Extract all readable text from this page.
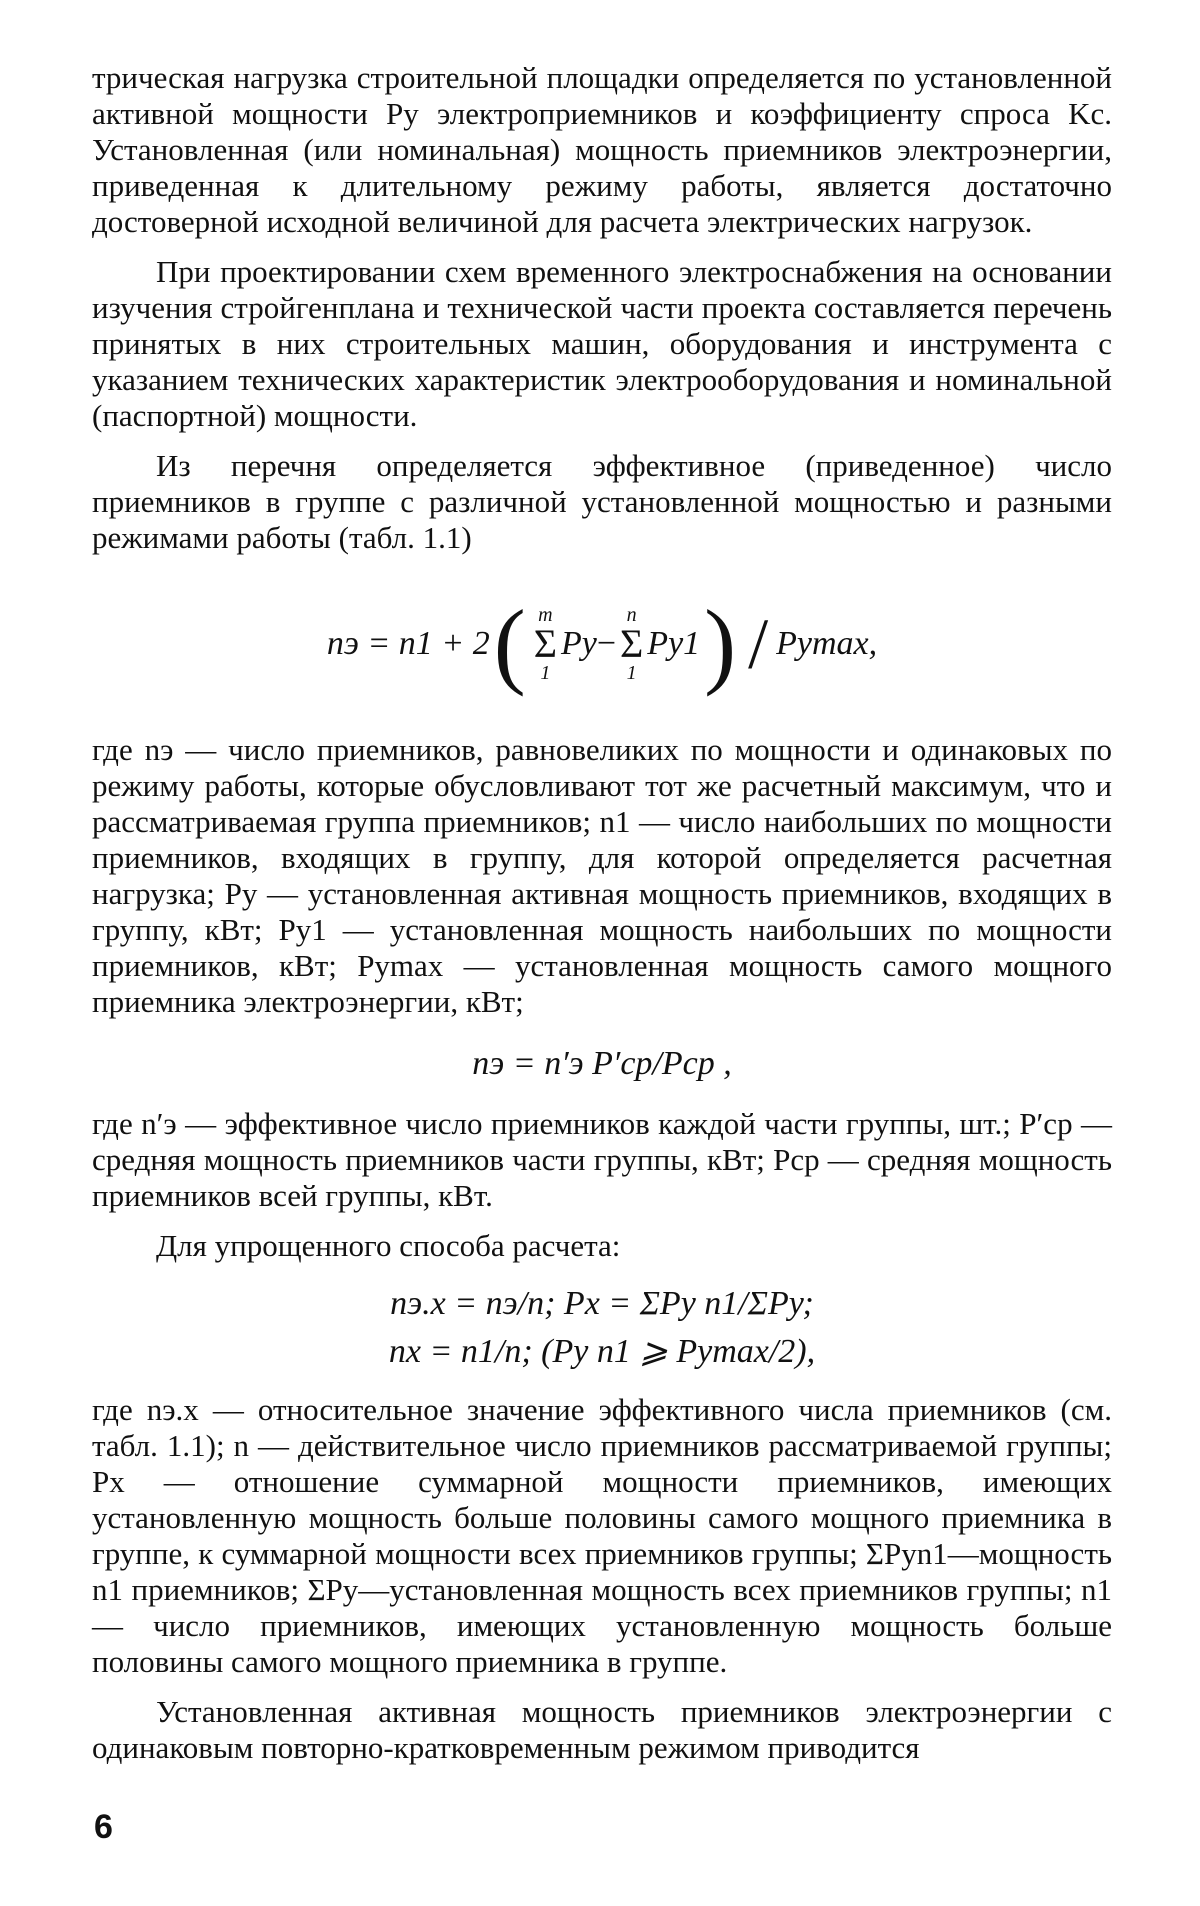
трическая нагрузка строительной площадки определяется по установленной активной мощности Pу электроприемников и коэффициенту спроса Kс. Установленная (или номинальная) мощность приемников электроэнергии, приведенная к длительному режиму работы, является достаточно достоверной исходной величиной для расчета электрических нагрузок.

При проектировании схем временного электроснабжения на основании изучения стройгенплана и технической части проекта составляется перечень принятых в них строительных машин, оборудования и инструмента с указанием технических характеристик электрооборудования и номинальной (паспортной) мощности.

Из перечня определяется эффективное (приведенное) число приемников в группе с различной установленной мощностью и разными режимами работы (табл. 1.1)

nэ = n1 + 2 ( m
Σ
1
Pу −
n
Σ
1
Pу1 ) / Pуmax,

где nэ — число приемников, равновеликих по мощности и одинаковых по режиму работы, которые обусловливают тот же расчетный максимум, что и рассматриваемая группа приемников; n1 — число наибольших по мощности приемников, входящих в группу, для которой определяется расчетная нагрузка; Pу — установленная активная мощность приемников, входящих в группу, кВт; Pу1 — установленная мощность наибольших по мощности приемников, кВт; Pуmax — установленная мощность самого мощного приемника электроэнергии, кВт;

nэ = n′э P′ср/Pср ,

где n′э — эффективное число приемников каждой части группы, шт.; P′ср — средняя мощность приемников части группы, кВт; Pср — средняя мощность приемников всей группы, кВт.

Для упрощенного способа расчета:

nэ.х = nэ/n; Pх = ΣPу n1/ΣPу;
nх = n1/n; (Pу n1 ⩾ Pуmax/2),

где nэ.х — относительное значение эффективного числа приемников (см. табл. 1.1); n — действительное число приемников рассматриваемой группы; Pх — отношение суммарной мощности приемников, имеющих установленную мощность больше половины самого мощного приемника в группе, к суммарной мощности всех приемников группы; ΣPуn1—мощность n1 приемников; ΣPу—установленная мощность всех приемников группы; n1 — число приемников, имеющих установленную мощность больше половины самого мощного приемника в группе.

Установленная активная мощность приемников электроэнергии с одинаковым повторно-кратковременным режимом приводится

6
